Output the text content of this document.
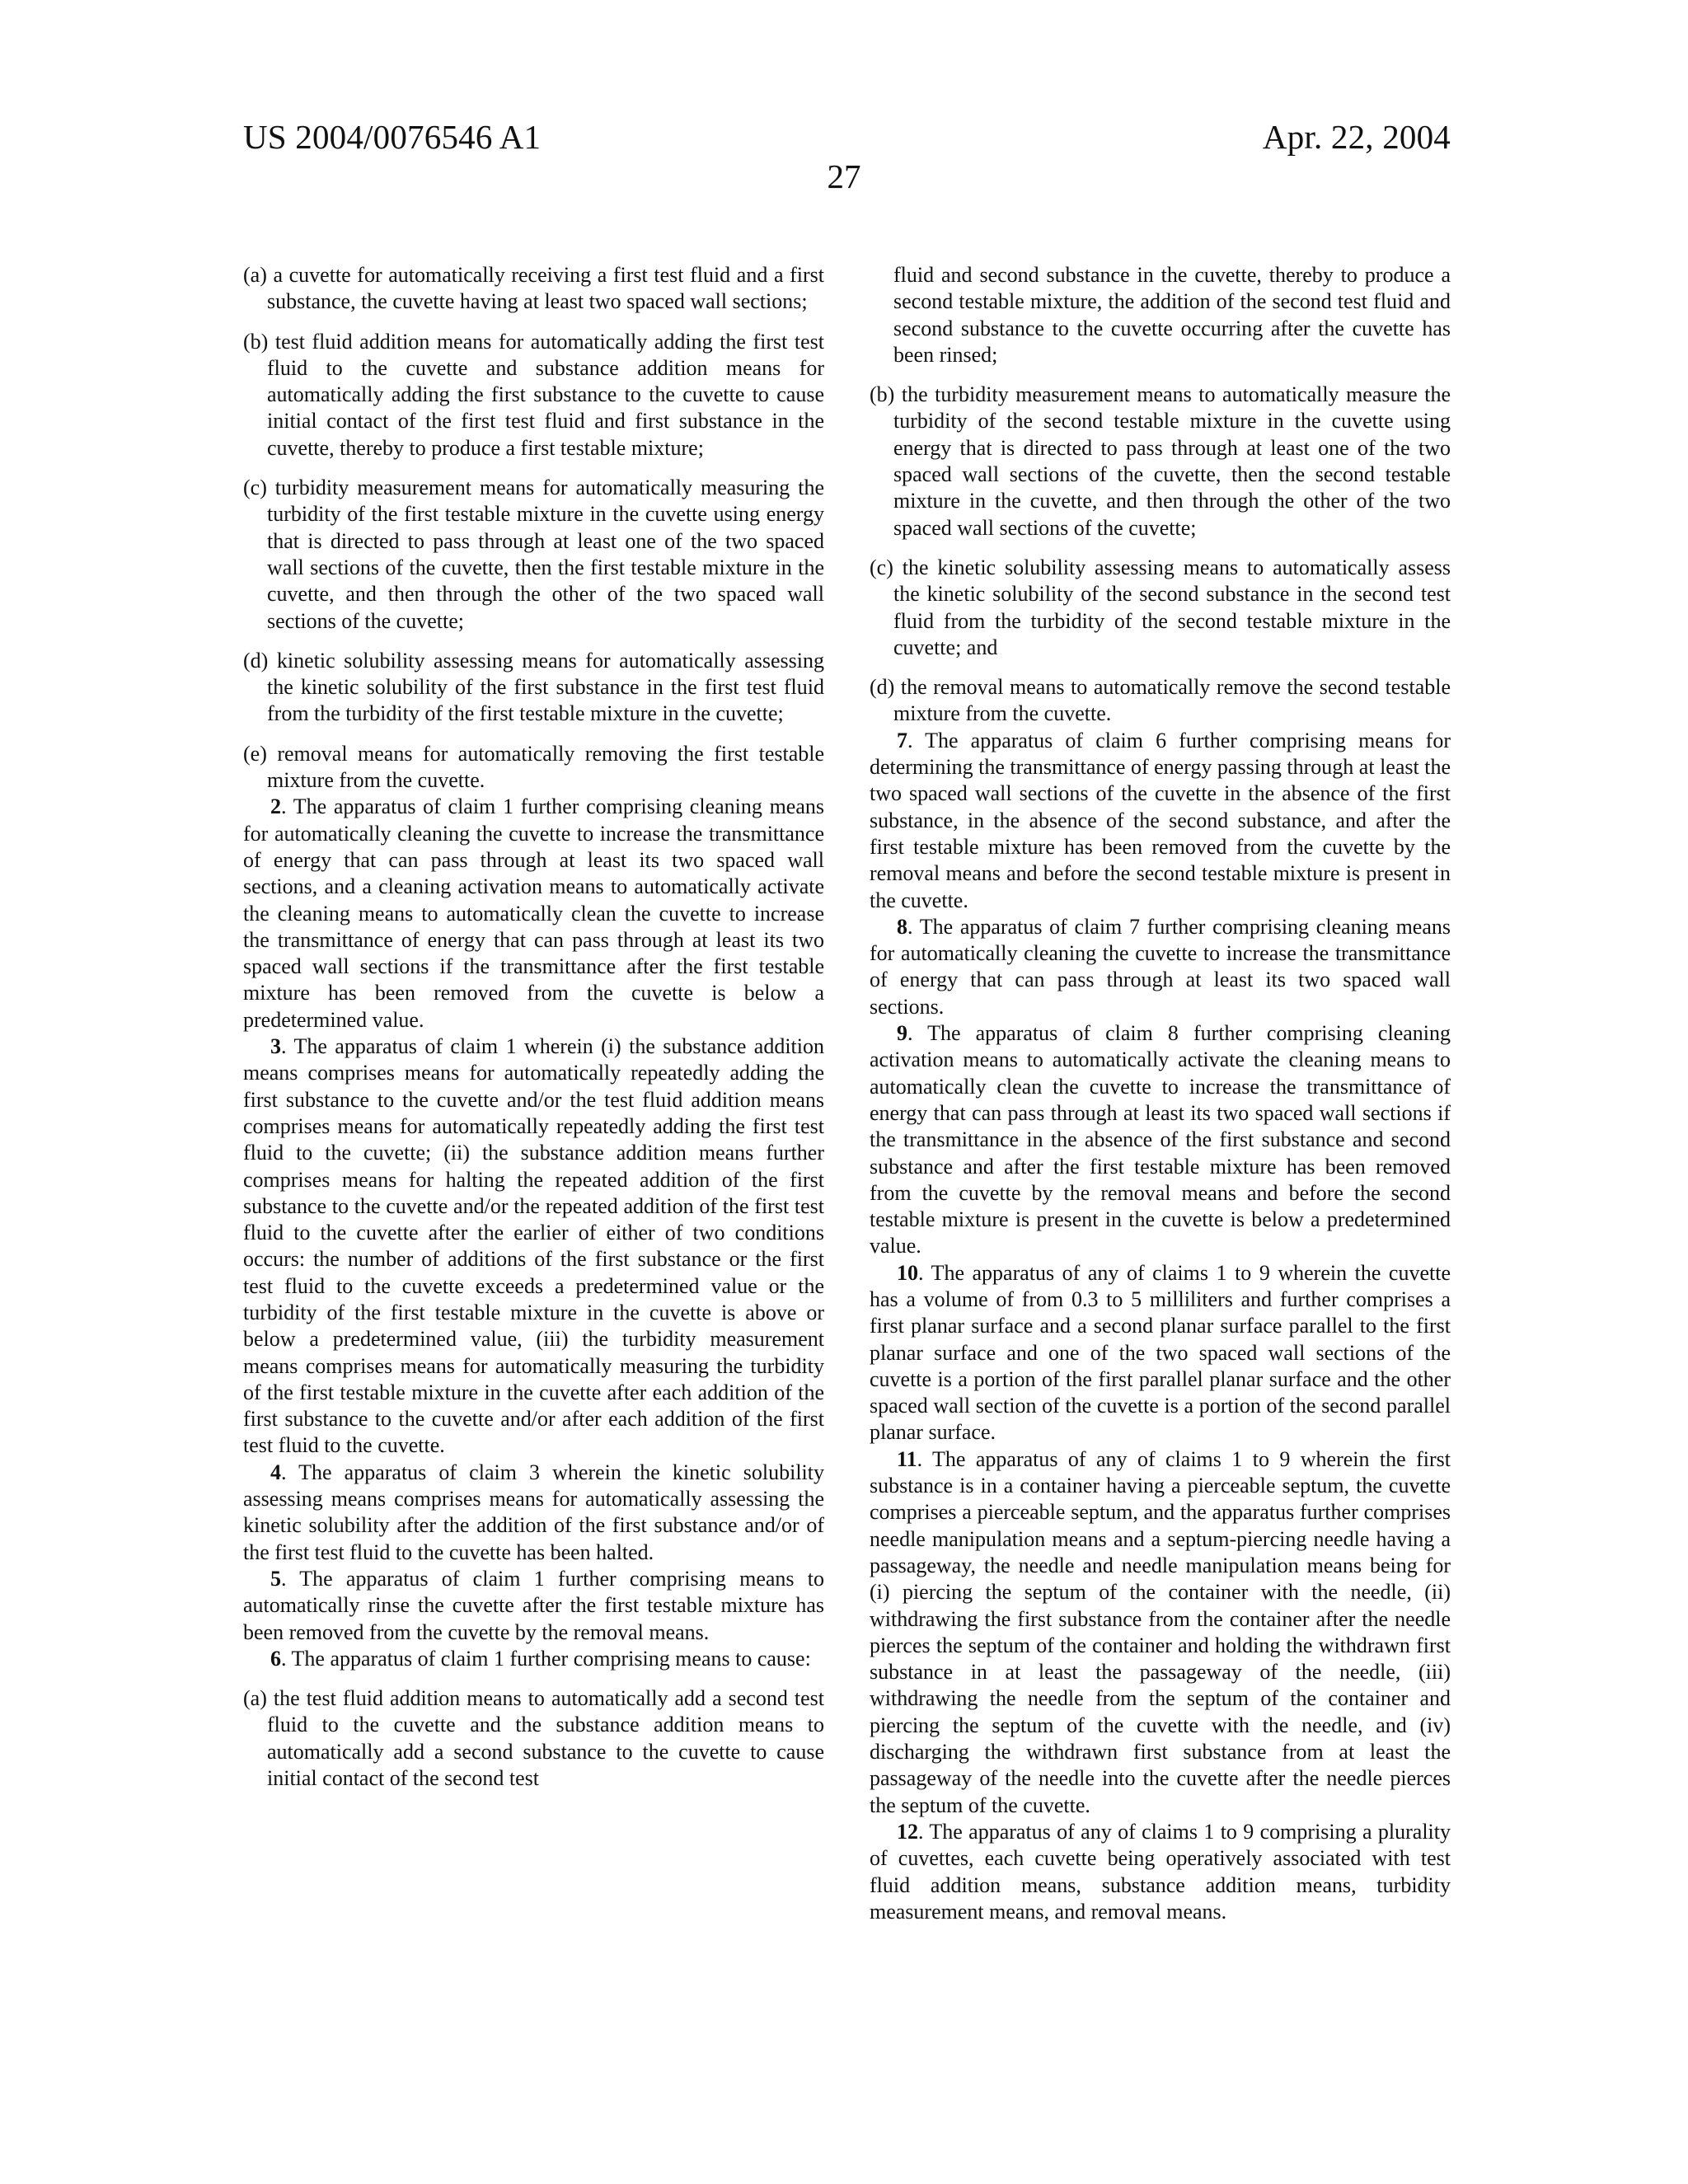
US 2004/0076546 A1	Apr. 22, 2004
27

(a) a cuvette for automatically receiving a first test fluid and a first substance, the cuvette having at least two spaced wall sections;

(b) test fluid addition means for automatically adding the first test fluid to the cuvette and substance addition means for automatically adding the first substance to the cuvette to cause initial contact of the first test fluid and first substance in the cuvette, thereby to produce a first testable mixture;

(c) turbidity measurement means for automatically measuring the turbidity of the first testable mixture in the cuvette using energy that is directed to pass through at least one of the two spaced wall sections of the cuvette, then the first testable mixture in the cuvette, and then through the other of the two spaced wall sections of the cuvette;

(d) kinetic solubility assessing means for automatically assessing the kinetic solubility of the first substance in the first test fluid from the turbidity of the first testable mixture in the cuvette;

(e) removal means for automatically removing the first testable mixture from the cuvette.

2. The apparatus of claim 1 further comprising cleaning means for automatically cleaning the cuvette to increase the transmittance of energy that can pass through at least its two spaced wall sections, and a cleaning activation means to automatically activate the cleaning means to automatically clean the cuvette to increase the transmittance of energy that can pass through at least its two spaced wall sections if the transmittance after the first testable mixture has been removed from the cuvette is below a predetermined value.

3. The apparatus of claim 1 wherein (i) the substance addition means comprises means for automatically repeatedly adding the first substance to the cuvette and/or the test fluid addition means comprises means for automatically repeatedly adding the first test fluid to the cuvette; (ii) the substance addition means further comprises means for halting the repeated addition of the first substance to the cuvette and/or the repeated addition of the first test fluid to the cuvette after the earlier of either of two conditions occurs: the number of additions of the first substance or the first test fluid to the cuvette exceeds a predetermined value or the turbidity of the first testable mixture in the cuvette is above or below a predetermined value, (iii) the turbidity measurement means comprises means for automatically measuring the turbidity of the first testable mixture in the cuvette after each addition of the first substance to the cuvette and/or after each addition of the first test fluid to the cuvette.

4. The apparatus of claim 3 wherein the kinetic solubility assessing means comprises means for automatically assessing the kinetic solubility after the addition of the first substance and/or of the first test fluid to the cuvette has been halted.

5. The apparatus of claim 1 further comprising means to automatically rinse the cuvette after the first testable mixture has been removed from the cuvette by the removal means.

6. The apparatus of claim 1 further comprising means to cause:

(a) the test fluid addition means to automatically add a second test fluid to the cuvette and the substance addition means to automatically add a second substance to the cuvette to cause initial contact of the second test

fluid and second substance in the cuvette, thereby to produce a second testable mixture, the addition of the second test fluid and second substance to the cuvette occurring after the cuvette has been rinsed;

(b) the turbidity measurement means to automatically measure the turbidity of the second testable mixture in the cuvette using energy that is directed to pass through at least one of the two spaced wall sections of the cuvette, then the second testable mixture in the cuvette, and then through the other of the two spaced wall sections of the cuvette;

(c) the kinetic solubility assessing means to automatically assess the kinetic solubility of the second substance in the second test fluid from the turbidity of the second testable mixture in the cuvette; and

(d) the removal means to automatically remove the second testable mixture from the cuvette.

7. The apparatus of claim 6 further comprising means for determining the transmittance of energy passing through at least the two spaced wall sections of the cuvette in the absence of the first substance, in the absence of the second substance, and after the first testable mixture has been removed from the cuvette by the removal means and before the second testable mixture is present in the cuvette.

8. The apparatus of claim 7 further comprising cleaning means for automatically cleaning the cuvette to increase the transmittance of energy that can pass through at least its two spaced wall sections.

9. The apparatus of claim 8 further comprising cleaning activation means to automatically activate the cleaning means to automatically clean the cuvette to increase the transmittance of energy that can pass through at least its two spaced wall sections if the transmittance in the absence of the first substance and second substance and after the first testable mixture has been removed from the cuvette by the removal means and before the second testable mixture is present in the cuvette is below a predetermined value.

10. The apparatus of any of claims 1 to 9 wherein the cuvette has a volume of from 0.3 to 5 milliliters and further comprises a first planar surface and a second planar surface parallel to the first planar surface and one of the two spaced wall sections of the cuvette is a portion of the first parallel planar surface and the other spaced wall section of the cuvette is a portion of the second parallel planar surface.

11. The apparatus of any of claims 1 to 9 wherein the first substance is in a container having a pierceable septum, the cuvette comprises a pierceable septum, and the apparatus further comprises needle manipulation means and a septum-piercing needle having a passageway, the needle and needle manipulation means being for (i) piercing the septum of the container with the needle, (ii) withdrawing the first substance from the container after the needle pierces the septum of the container and holding the withdrawn first substance in at least the passageway of the needle, (iii) withdrawing the needle from the septum of the container and piercing the septum of the cuvette with the needle, and (iv) discharging the withdrawn first substance from at least the passageway of the needle into the cuvette after the needle pierces the septum of the cuvette.

12. The apparatus of any of claims 1 to 9 comprising a plurality of cuvettes, each cuvette being operatively associated with test fluid addition means, substance addition means, turbidity measurement means, and removal means.
